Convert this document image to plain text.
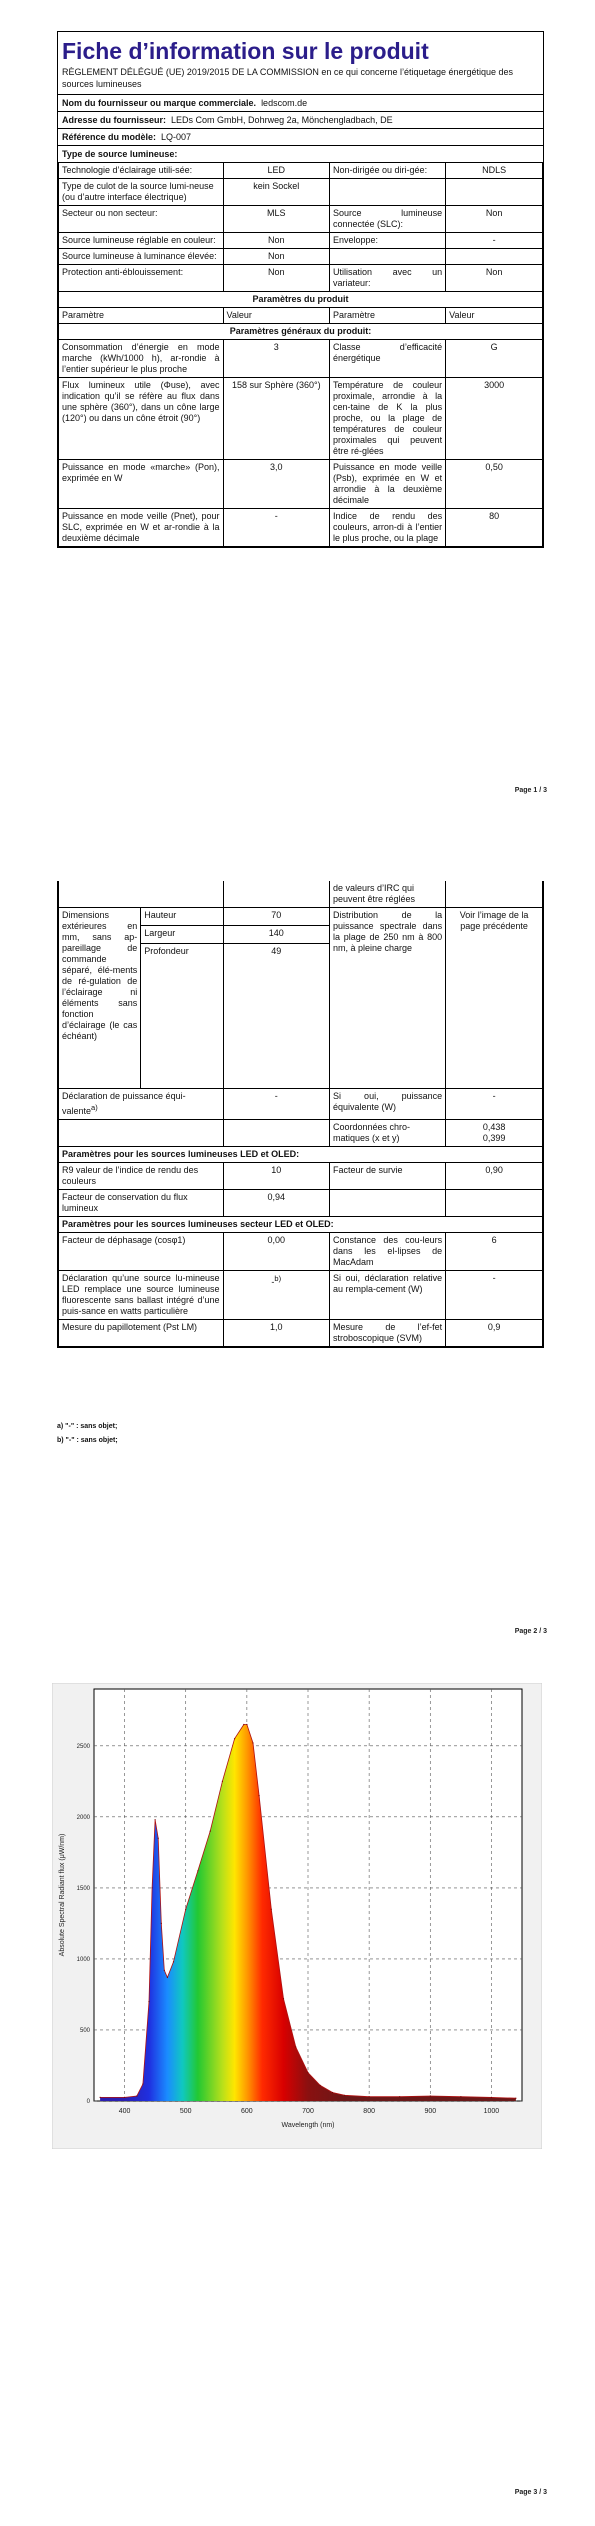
Fiche d’information sur le produit
RÈGLEMENT DÉLÉGUÉ (UE) 2019/2015 DE LA COMMISSION en ce qui concerne l’étiquetage énergétique des sources lumineuses
Nom du fournisseur ou marque commerciale. ledscom.de
Adresse du fournisseur: LEDs Com GmbH, Dohrweg 2a, Mönchengladbach, DE
Référence du modèle: LQ-007
Type de source lumineuse:
Technologie d’éclairage utili-sée:	LED	Non-dirigée ou diri-gée:	NDLS
Type de culot de la source lumi-neuse
(ou d’autre interface électrique)	kein Sockel		
Secteur ou non secteur:	MLS	Source lumineuse connectée (SLC):	Non
Source lumineuse réglable en couleur:	Non	Enveloppe:	-
Source lumineuse à luminance élevée:	Non		
Protection anti-éblouissement:	Non	Utilisation avec un variateur:	Non
Paramètres du produit			
Paramètre	Valeur	Paramètre	Valeur
Paramètres généraux du produit:			
Consommation d’énergie en mode marche (kWh/1000 h), ar-rondie à l’entier supérieur le plus proche	3	Classe d’efficacité énergétique	G
Flux lumineux utile (Φuse), avec indication qu’il se réfère au flux dans une sphère (360°), dans un cône large (120°) ou dans un cône étroit (90°)	158 sur Sphère (360°)	Température de couleur proximale, arrondie à la cen-taine de K la plus proche, ou la plage de températures de couleur proximales qui peuvent être ré-glées	3000
Puissance en mode «marche» (Pon), exprimée en W	3,0	Puissance en mode veille (Psb), exprimée en W et arrondie à la deuxième décimale	0,50
Puissance en mode veille (Pnet), pour SLC, exprimée en W et ar-rondie à la deuxième décimale	-	Indice de rendu des couleurs, arron-di à l’entier le plus proche, ou la plage	80
Page 1 / 3
			de valeurs d’IRC qui peuvent être réglées	
Dimensions extérieures en mm, sans ap-pareillage de commande séparé, élé-ments de ré-gulation de l’éclairage ni éléments sans fonction d’éclairage (le cas échéant)	Hauteur	70	Distribution de la puissance spectrale dans la plage de 250 nm à 800 nm, à pleine charge	Voir l’image de la page précédente
	Largeur	140		
	Profondeur	49		
Déclaration de puissance équi-valente$^{a)}$		-	Si oui, puissance équivalente (W)	-
			Coordonnées chro-matiques (x et y)	0,438
0,399

Paramètres pour les sources lumineuses LED et OLED:				
R9 valeur de l’indice de rendu des couleurs		10	Facteur de survie	0,90
Facteur de conservation du flux lumineux		0,94		
Paramètres pour les sources lumineuses secteur LED et OLED:				
Facteur de déphasage (cosφ1)		0,00	Constance des cou-leurs dans les el-lipses de MacAdam	6
Déclaration qu’une source lu-mineuse LED remplace une source lumineuse fluorescente sans ballast intégré d’une puis-sance en watts particulière		-$^{b)}$	Si oui, déclaration relative au rempla-cement (W)	-
Mesure du papillotement (Pst LM)		1,0	Mesure de l’ef-fet stroboscopique (SVM)	0,9
a) "-" : sans objet;
b) "-" : sans objet;
Page 2 / 3
400	500	600	700	800	900	1000
0
500
1000
1500
2000
2500
Wavelength (nm)
Absolute Spectral Radiant flux (μW/nm)
Page 3 / 3
